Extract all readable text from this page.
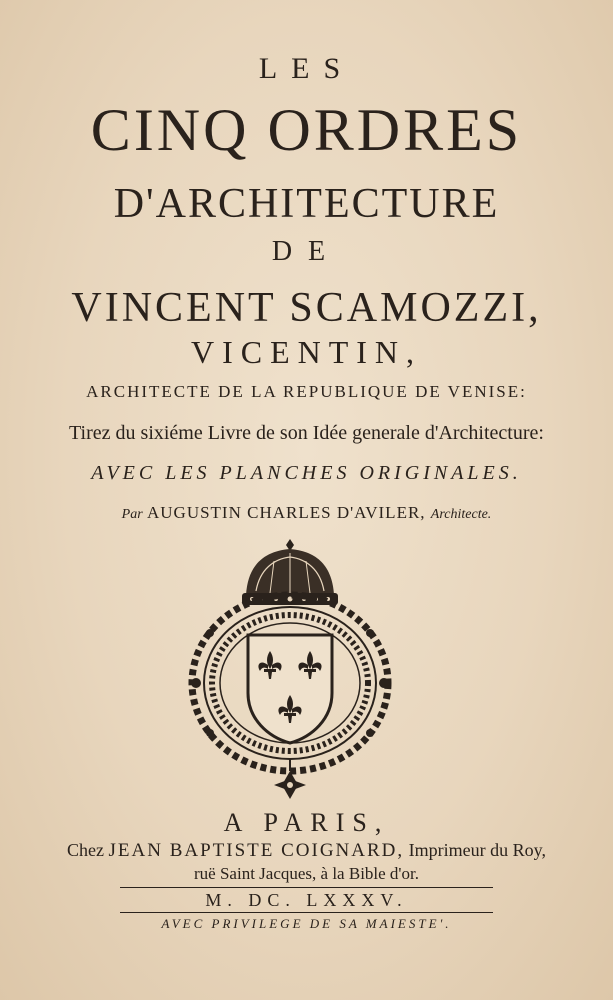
LES
CINQ ORDRES
D'ARCHITECTURE
DE
VINCENT SCAMOZZI,
VICENTIN,
ARCHITECTE DE LA REPUBLIQUE DE VENISE:
Tirez du sixiéme Livre de son Idée generale d'Architecture:
AVEC LES PLANCHES ORIGINALES.
Par AUGUSTIN CHARLES D'AVILER, Architecte.
A PARIS,
Chez JEAN BAPTISTE COIGNARD, Imprimeur du Roy,
ruë Saint Jacques, à la Bible d'or.
M. DC. LXXXV.
AVEC PRIVILEGE DE SA MAIESTE'.
